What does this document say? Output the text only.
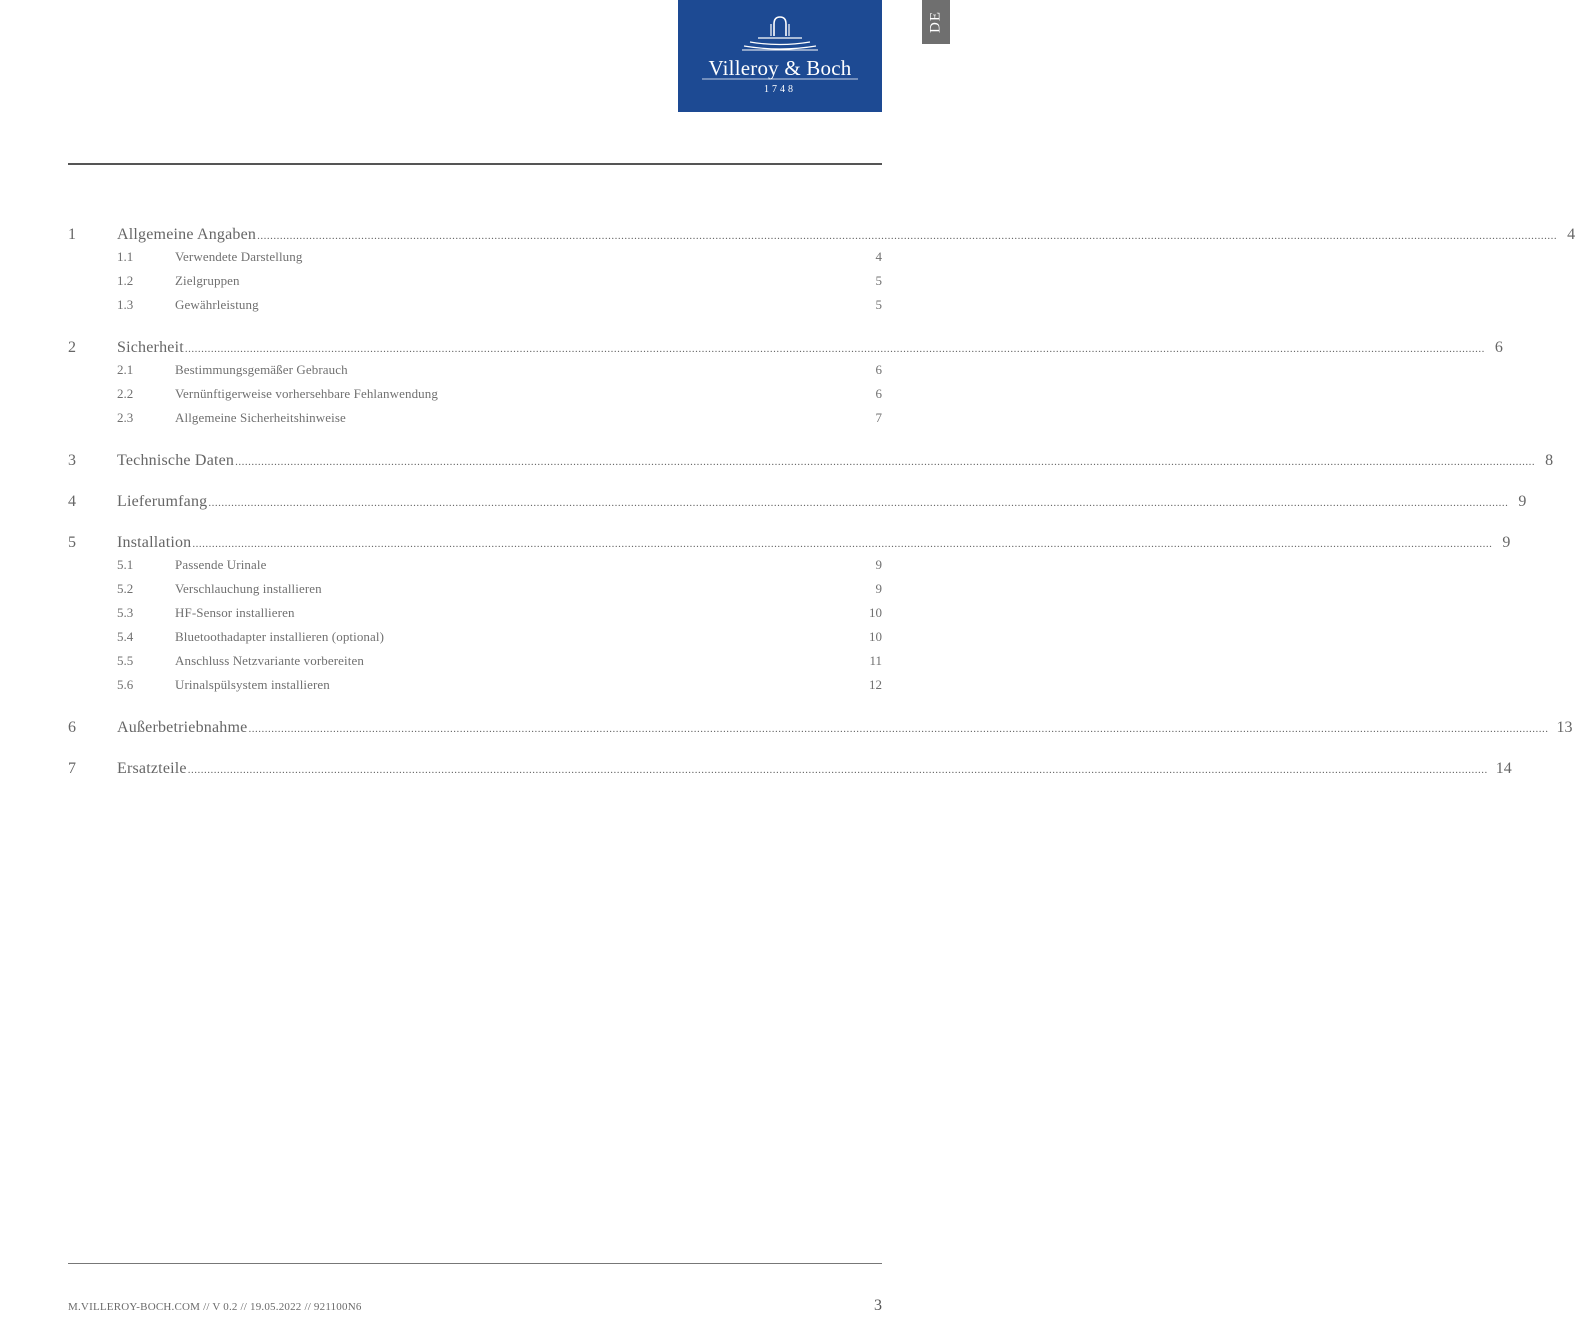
Villeroy & Boch
1748
DE
1	Allgemeine Angaben ................................................................................................................................................................................................................................................................................................................................................................................................................ 4
1.1	Verwendete Darstellung	4
1.2	Zielgruppen	5
1.3	Gewährleistung	5
2	Sicherheit ................................................................................................................................................................................................................................................................................................................................................................................................................ 6
2.1	Bestimmungsgemäßer Gebrauch	6
2.2	Vernünftigerweise vorhersehbare Fehlanwendung	6
2.3	Allgemeine Sicherheitshinweise	7
3	Technische Daten ................................................................................................................................................................................................................................................................................................................................................................................................................ 8
4	Lieferumfang ................................................................................................................................................................................................................................................................................................................................................................................................................ 9
5	Installation ................................................................................................................................................................................................................................................................................................................................................................................................................ 9
5.1	Passende Urinale	9
5.2	Verschlauchung installieren	9
5.3	HF-Sensor installieren	10
5.4	Bluetoothadapter installieren (optional)	10
5.5	Anschluss Netzvariante vorbereiten	11
5.6	Urinalspülsystem installieren	12
6	Außerbetriebnahme ................................................................................................................................................................................................................................................................................................................................................................................................................ 13
7	Ersatzteile ................................................................................................................................................................................................................................................................................................................................................................................................................ 14
M.VILLEROY-BOCH.COM // V 0.2 // 19.05.2022 // 921100N6	3
